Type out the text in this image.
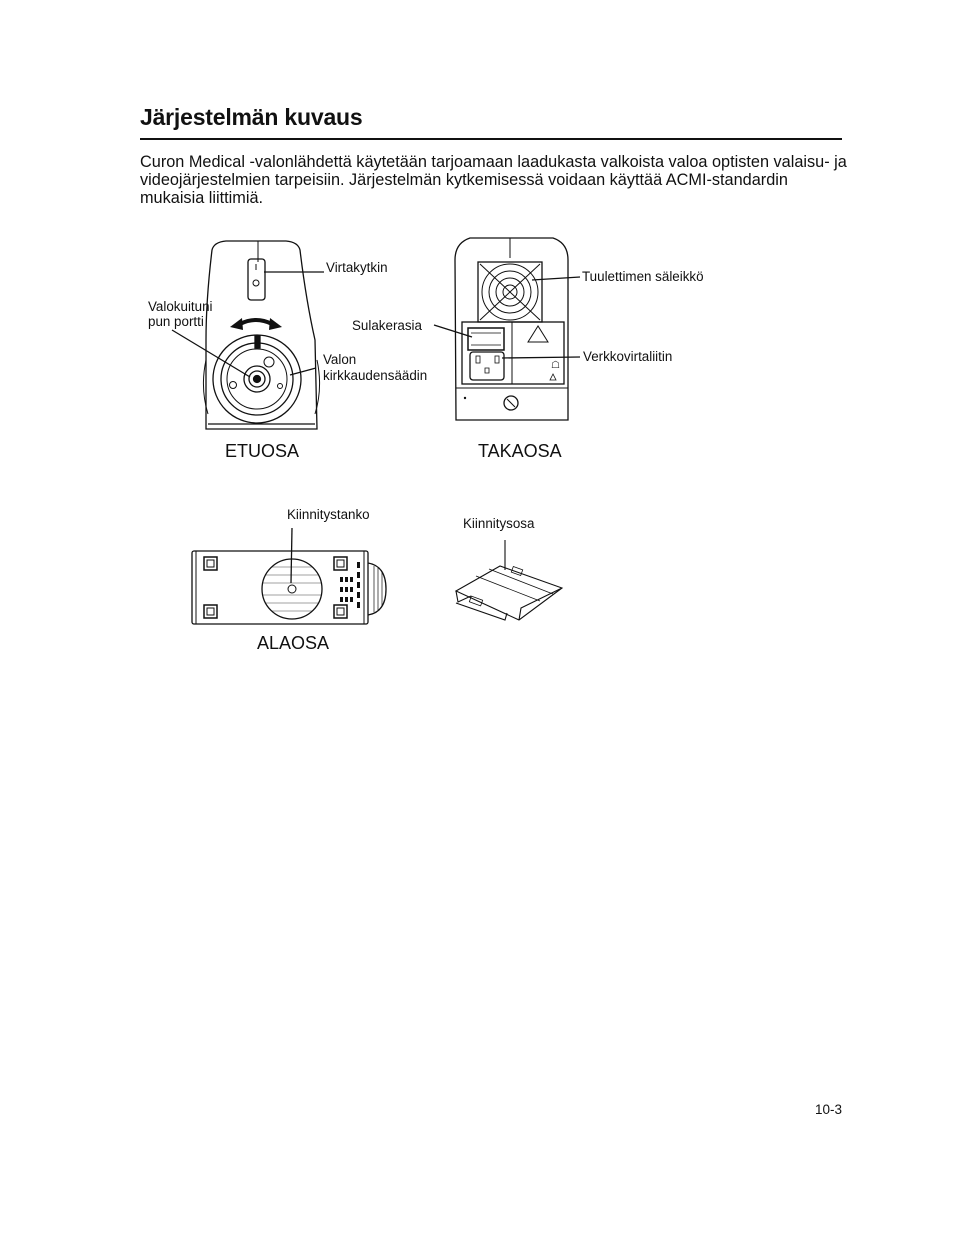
Järjestelmän kuvaus

Curon Medical -valonlähdettä käytetään tarjoamaan laadukasta valkoista valoa optisten valaisu- ja videojärjestelmien tarpeisiin. Järjestelmän kytkemisessä voidaan käyttää ACMI-standardin mukaisia liittimiä.

☖
Virtakytkin
Valokuituni
pun portti
Valon
kirkkaudensäädin
ETUOSA
Tuulettimen säleikkö
Sulakerasia
Verkkovirtaliitin
TAKAOSA
Kiinnitystanko
ALAOSA
Kiinnitysosa
10-3
